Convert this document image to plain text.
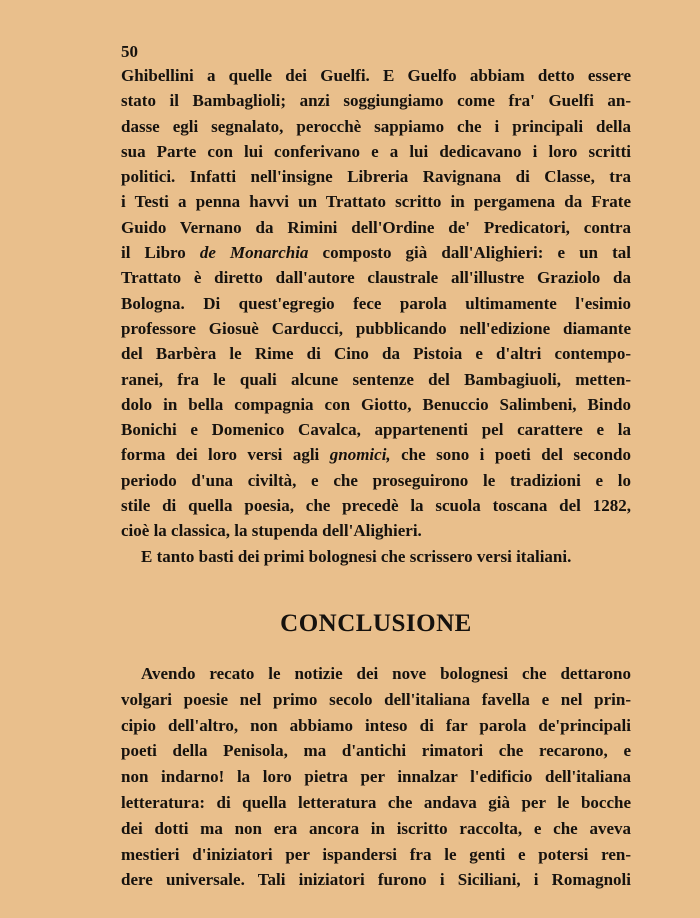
50
Ghibellini a quelle dei Guelfi. E Guelfo abbiam detto essere
stato il Bambaglioli; anzi soggiungiamo come fra' Guelfi an-
dasse egli segnalato, perocchè sappiamo che i principali della
sua Parte con lui conferivano e a lui dedicavano i loro scritti
politici. Infatti nell'insigne Libreria Ravignana di Classe, tra
i Testi a penna havvi un Trattato scritto in pergamena da Frate
Guido Vernano da Rimini dell'Ordine de' Predicatori, contra
il Libro de Monarchia composto già dall'Alighieri: e un tal
Trattato è diretto dall'autore claustrale all'illustre Graziolo da
Bologna. Di quest'egregio fece parola ultimamente l'esimio
professore Giosuè Carducci, pubblicando nell'edizione diamante
del Barbèra le Rime di Cino da Pistoia e d'altri contempo-
ranei, fra le quali alcune sentenze del Bambagiuoli, metten-
dolo in bella compagnia con Giotto, Benuccio Salimbeni, Bindo
Bonichi e Domenico Cavalca, appartenenti pel carattere e la
forma dei loro versi agli gnomici, che sono i poeti del secondo
periodo d'una civiltà, e che proseguirono le tradizioni e lo
stile di quella poesia, che precedè la scuola toscana del 1282,
cioè la classica, la stupenda dell'Alighieri.
E tanto basti dei primi bolognesi che scrissero versi italiani.
CONCLUSIONE
Avendo recato le notizie dei nove bolognesi che dettarono
volgari poesie nel primo secolo dell'italiana favella e nel prin-
cipio dell'altro, non abbiamo inteso di far parola de'principali
poeti della Penisola, ma d'antichi rimatori che recarono, e
non indarno! la loro pietra per innalzar l'edificio dell'italiana
letteratura: di quella letteratura che andava già per le bocche
dei dotti ma non era ancora in iscritto raccolta, e che aveva
mestieri d'iniziatori per ispandersi fra le genti e potersi ren-
dere universale. Tali iniziatori furono i Siciliani, i Romagnoli
